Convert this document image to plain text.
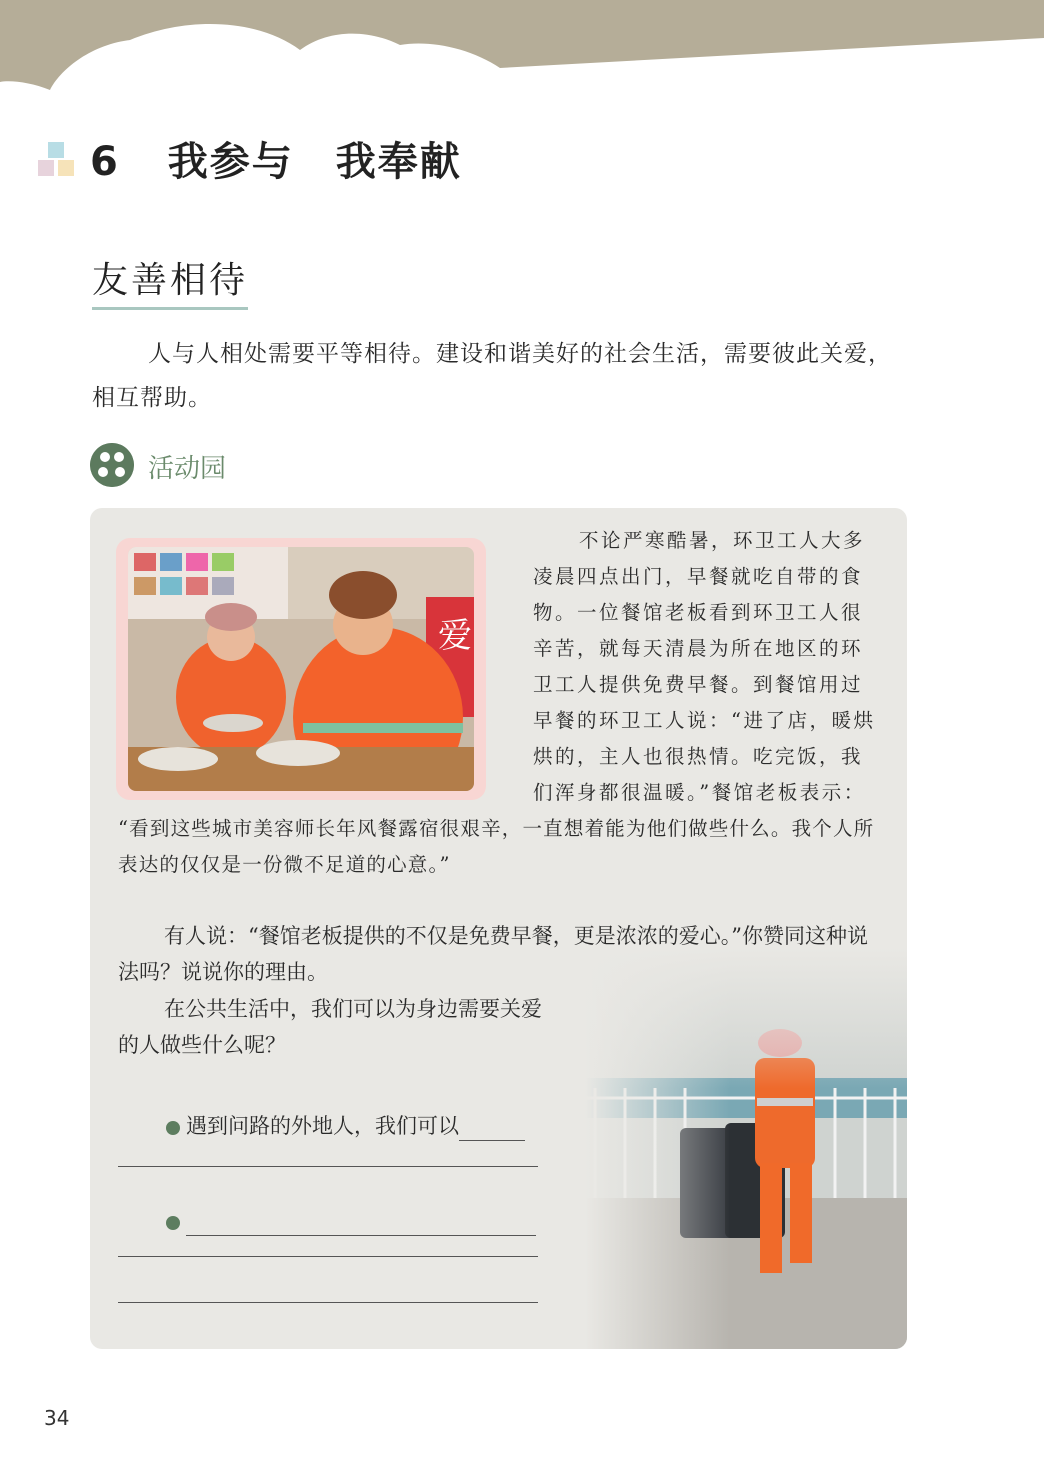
6 我参与　我奉献
友善相待

人与人相处需要平等相待。建设和谐美好的社会生活，需要彼此关爱，相互帮助。

活动园
爱

不论严寒酷暑，环卫工人大多凌晨四点出门，早餐就吃自带的食物。一位餐馆老板看到环卫工人很辛苦，就每天清晨为所在地区的环卫工人提供免费早餐。到餐馆用过早餐的环卫工人说：“进了店，暖烘烘的，主人也很热情。吃完饭，我们浑身都很温暖。”餐馆老板表示：

“看到这些城市美容师长年风餐露宿很艰辛，一直想着能为他们做些什么。我个人所表达的仅仅是一份微不足道的心意。”

有人说：“餐馆老板提供的不仅是免费早餐，更是浓浓的爱心。”你赞同这种说法吗？说说你的理由。

在公共生活中，我们可以为身边需要关爱的人做些什么呢？

遇到问路的外地人，我们可以
34
